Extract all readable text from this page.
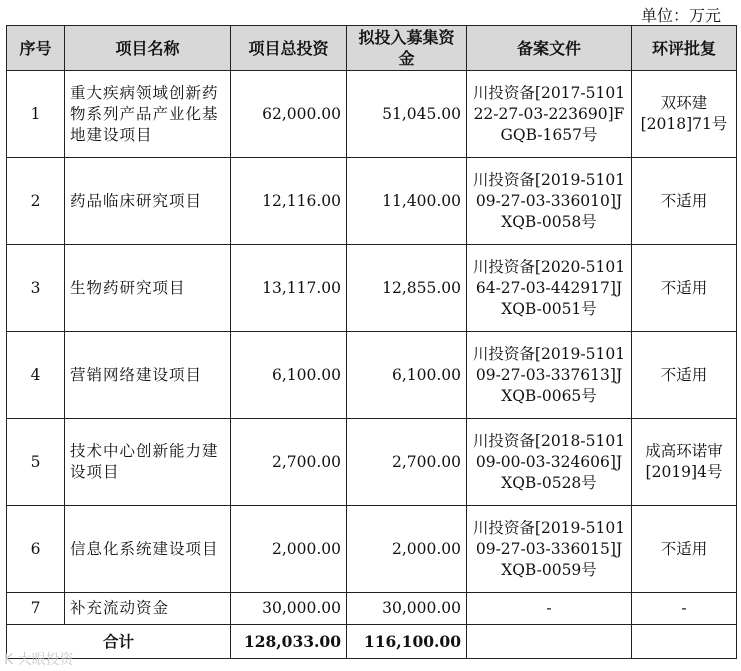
单位：万元
序号	项目名称	项目总投资	拟投入募集资金	备案文件	环评批复
1	重大疾病领域创新药物系列产品产业化基地建设项目	62,000.00	51,045.00	川投资备[2017-510122-27-03-223690]FGQB-1657号	双环建[2018]71号
2	药品临床研究项目	12,116.00	11,400.00	川投资备[2019-510109-27-03-336010]JXQB-0058号	不适用
3	生物药研究项目	13,117.00	12,855.00	川投资备[2020-510164-27-03-442917]JXQB-0051号	不适用
4	营销网络建设项目	6,100.00	6,100.00	川投资备[2019-510109-27-03-337613]JXQB-0065号	不适用
5	技术中心创新能力建设项目	2,700.00	2,700.00	川投资备[2018-510109-00-03-324606]JXQB-0528号	成高环诺审[2019]4号
6	信息化系统建设项目	2,000.00	2,000.00	川投资备[2019-510109-27-03-336015]JXQB-0059号	不适用
7	补充流动资金	30,000.00	30,000.00	-	-
合计		128,033.00	116,100.00		
K 大眼投资
